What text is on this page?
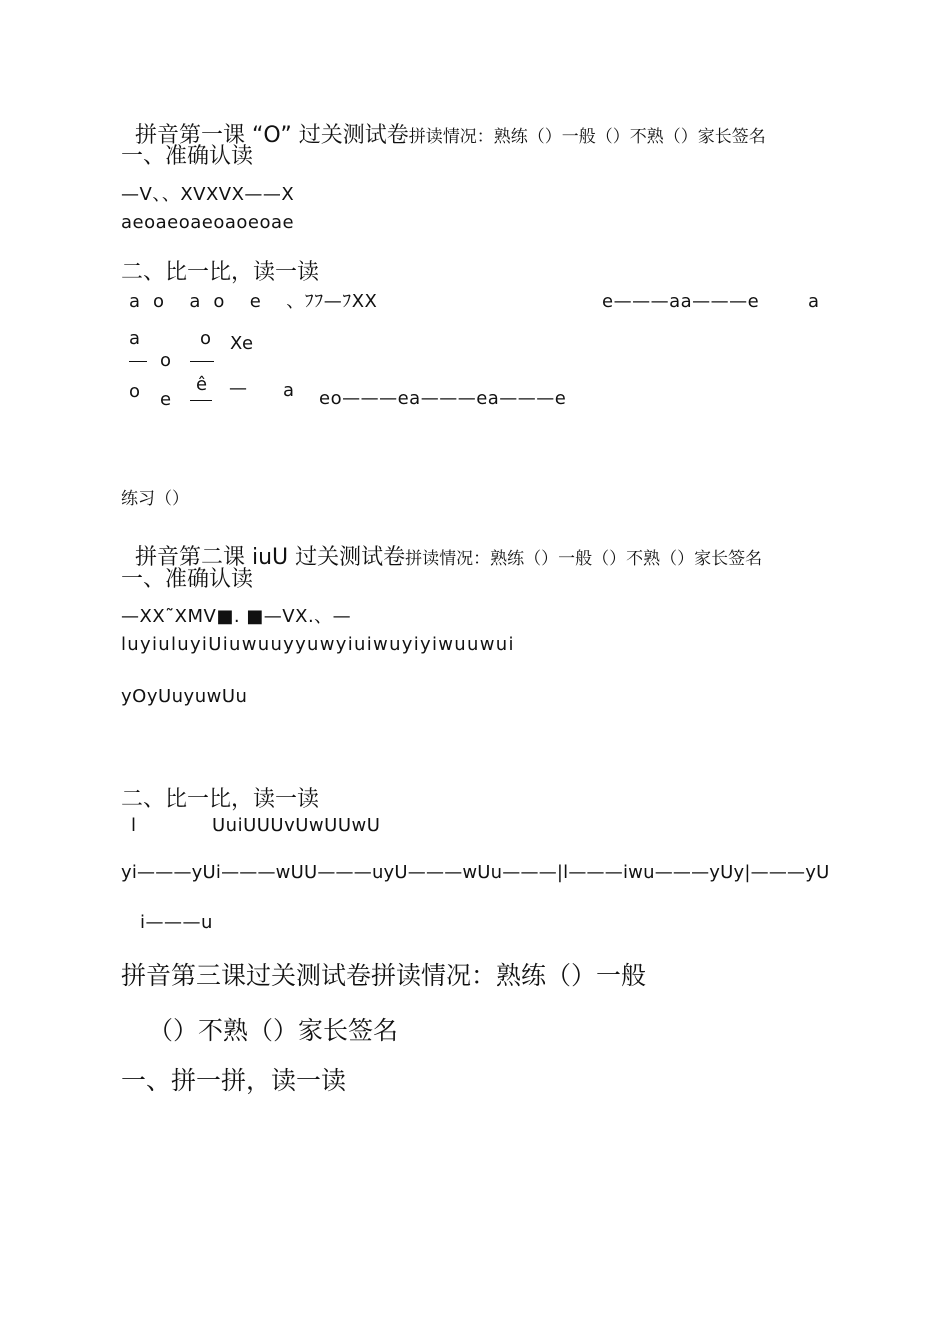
拼音第一课 “O” 过关测试卷拼读情况：熟练（）一般（）不熟（）家长签名

一、准确认读
—V、、XVXVX——X
aeoaeoaeoaoeoae
二、比一比，读一读
a  o    a  o    e    、ﾌﾌ—ﾌXX	e———aa———e	a
a	o Xe
o
o e
ê — a eo———ea———ea———e
练习（）

拼音第二课 iuU 过关测试卷拼读情况：熟练（）一般（）不熟（）家长签名

一、准确认读
—XX˜XMV■. ■—VX.、—
luyiuluyiUiuwuuyyuwyiuiwuyiyiwuuwui
yOyUuyuwUu
二、比一比，读一读
l	UuiUUUvUwUUwU
yi———yUi———wUU———uyU———wUu———|l———iwu———yUy|———yU
i———u
拼音第三课过关测试卷拼读情况：熟练（）一般
（）不熟（）家长签名
一、拼一拼，读一读
